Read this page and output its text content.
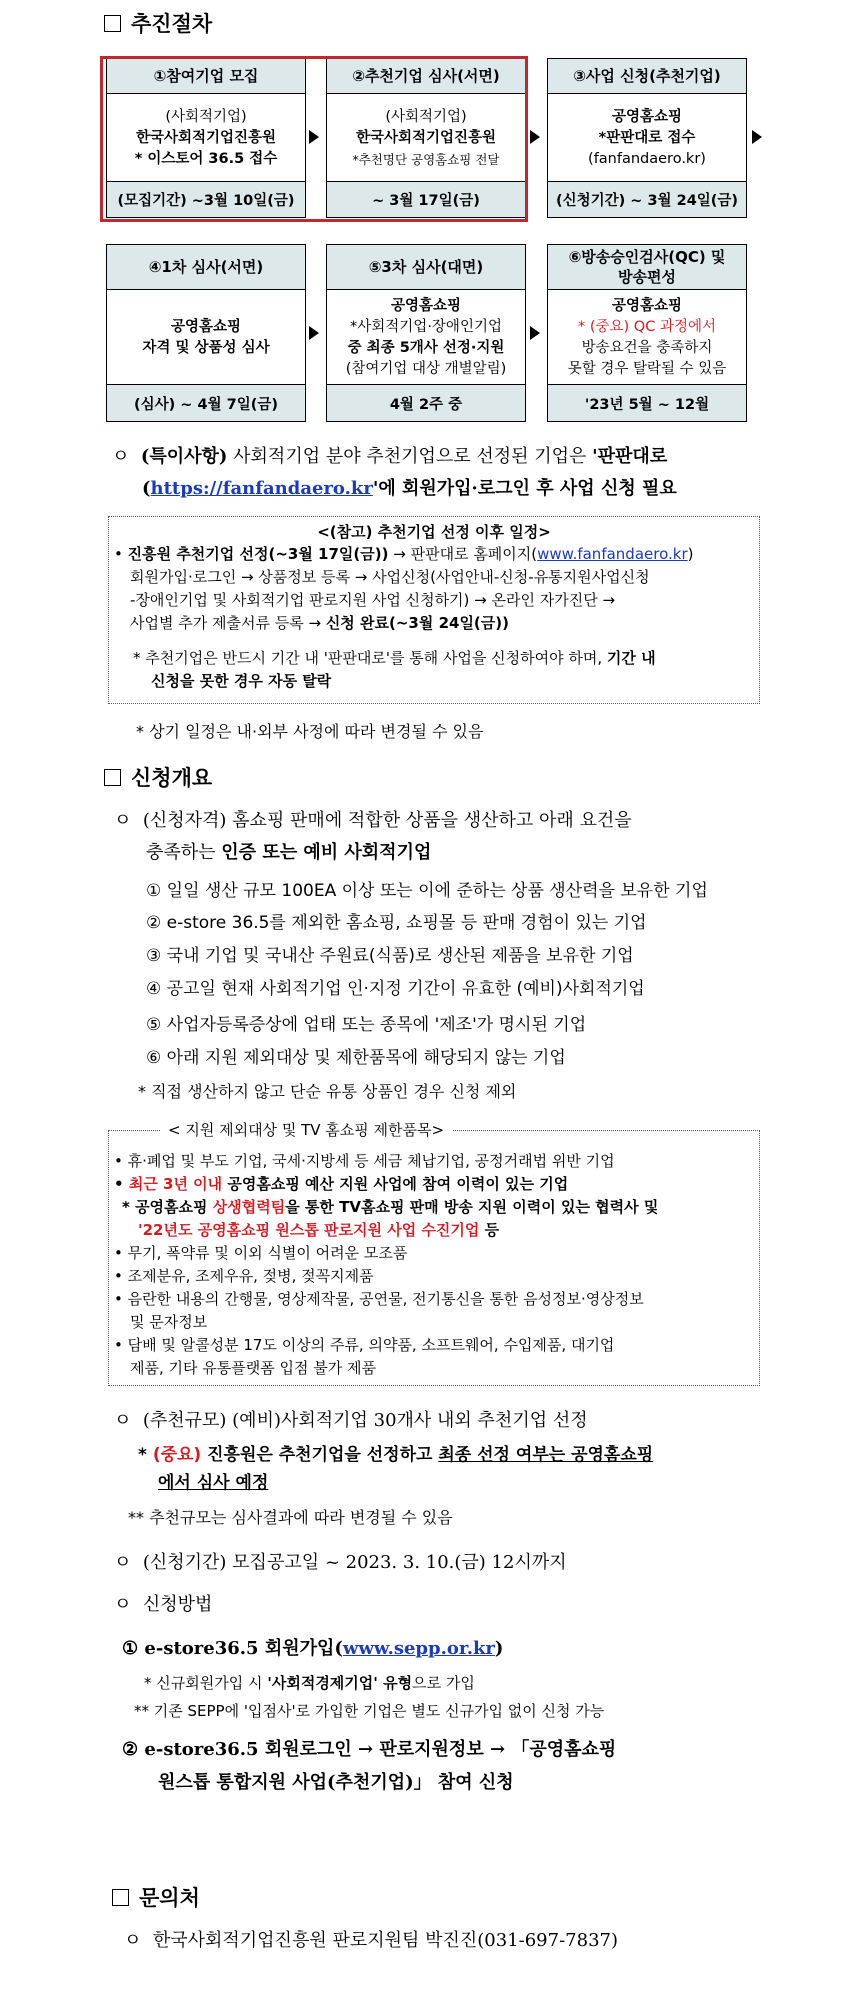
추진절차
①참여기업 모집
(사회적기업)
한국사회적기업진흥원
* 이스토어 36.5 접수
(모집기간) ~3월 10일(금)
②추천기업 심사(서면)
(사회적기업)
한국사회적기업진흥원
*추천명단 공영홈쇼핑 전달
~ 3월 17일(금)
③사업 신청(추천기업)
공영홈쇼핑
*판판대로 접수
(fanfandaero.kr)
(신청기간) ~ 3월 24일(금)
④1차 심사(서면)
공영홈쇼핑
자격 및 상품성 심사
(심사) ~ 4월 7일(금)
⑤3차 심사(대면)
공영홈쇼핑
*사회적기업·장애인기업
중 최종 5개사 선정·지원
(참여기업 대상 개별알림)
4월 2주 중
⑥방송승인검사(QC) 및
방송편성
공영홈쇼핑
* (중요) QC 과정에서
방송요건을 충족하지
못할 경우 탈락될 수 있음
'23년 5월 ~ 12월
ㅇ (특이사항) 사회적기업 분야 추천기업으로 선정된 기업은 '판판대로
(https://fanfandaero.kr'에 회원가입·로그인 후 사업 신청 필요
<(참고) 추천기업 선정 이후 일정>
• 진흥원 추천기업 선정(~3월 17일(금)) → 판판대로 홈페이지(www.fanfandaero.kr)
회원가입·로그인 → 상품정보 등록 → 사업신청(사업안내-신청-유통지원사업신청
-장애인기업 및 사회적기업 판로지원 사업 신청하기) → 온라인 자가진단 →
사업별 추가 제출서류 등록 → 신청 완료(~3월 24일(금))
* 추천기업은 반드시 기간 내 '판판대로'를 통해 사업을 신청하여야 하며, 기간 내
신청을 못한 경우 자동 탈락
* 상기 일정은 내·외부 사정에 따라 변경될 수 있음
신청개요
ㅇ (신청자격) 홈쇼핑 판매에 적합한 상품을 생산하고 아래 요건을
충족하는 인증 또는 예비 사회적기업
① 일일 생산 규모 100EA 이상 또는 이에 준하는 상품 생산력을 보유한 기업
② e-store 36.5를 제외한 홈쇼핑, 쇼핑몰 등 판매 경험이 있는 기업
③ 국내 기업 및 국내산 주원료(식품)로 생산된 제품을 보유한 기업
④ 공고일 현재 사회적기업 인·지정 기간이 유효한 (예비)사회적기업
⑤ 사업자등록증상에 업태 또는 종목에 '제조'가 명시된 기업
⑥ 아래 지원 제외대상 및 제한품목에 해당되지 않는 기업
* 직접 생산하지 않고 단순 유통 상품인 경우 신청 제외
< 지원 제외대상 및 TV 홈쇼핑 제한품목>
• 휴·폐업 및 부도 기업, 국세·지방세 등 세금 체납기업, 공정거래법 위반 기업
• 최근 3년 이내 공영홈쇼핑 예산 지원 사업에 참여 이력이 있는 기업
* 공영홈쇼핑 상생협력팀을 통한 TV홈쇼핑 판매 방송 지원 이력이 있는 협력사 및
'22년도 공영홈쇼핑 원스톱 판로지원 사업 수진기업 등
• 무기, 폭약류 및 이외 식별이 어려운 모조품
• 조제분유, 조제우유, 젖병, 젖꼭지제품
• 음란한 내용의 간행물, 영상제작물, 공연물, 전기통신을 통한 음성정보·영상정보
및 문자정보
• 담배 및 알콜성분 17도 이상의 주류, 의약품, 소프트웨어, 수입제품, 대기업
제품, 기타 유통플랫폼 입점 불가 제품
ㅇ (추천규모) (예비)사회적기업 30개사 내외 추천기업 선정
* (중요) 진흥원은 추천기업을 선정하고 최종 선정 여부는 공영홈쇼핑
에서 심사 예정
** 추천규모는 심사결과에 따라 변경될 수 있음
ㅇ (신청기간) 모집공고일 ~ 2023. 3. 10.(금) 12시까지
ㅇ 신청방법
① e-store36.5 회원가입(www.sepp.or.kr)
* 신규회원가입 시 '사회적경제기업' 유형으로 가입
** 기존 SEPP에 '입점사'로 가입한 기업은 별도 신규가입 없이 신청 가능
② e-store36.5 회원로그인 → 판로지원정보 → 「공영홈쇼핑
원스톱 통합지원 사업(추천기업)」 참여 신청
문의처
ㅇ 한국사회적기업진흥원 판로지원팀 박진진(031-697-7837)
